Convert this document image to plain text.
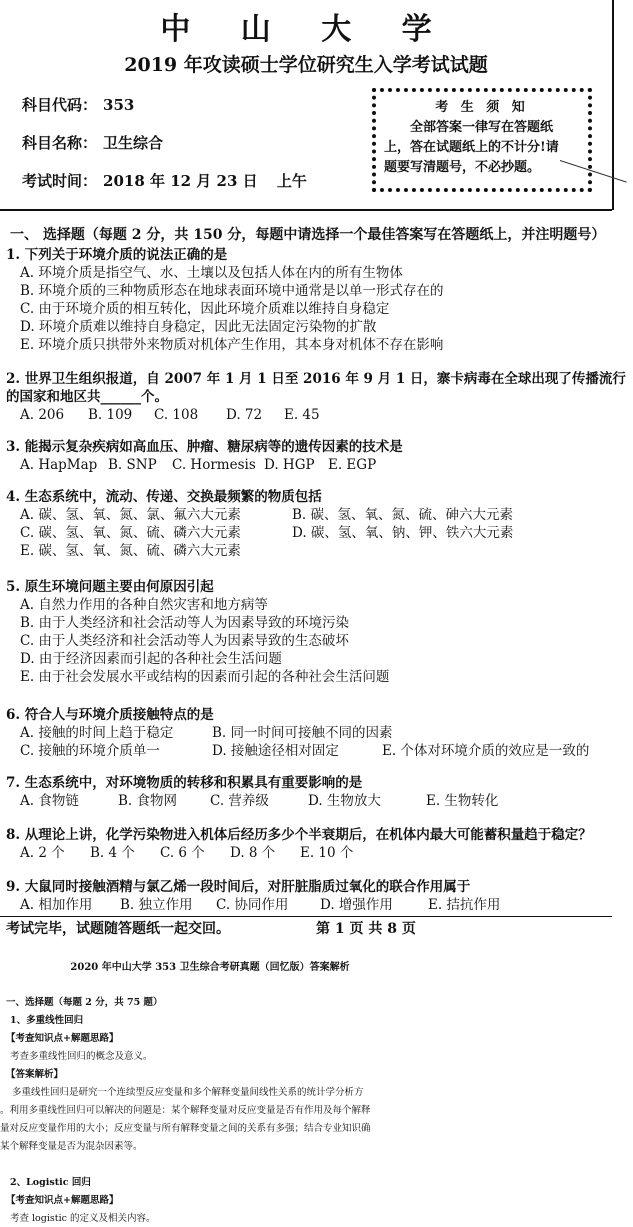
中 山 大 学
2019 年攻读硕士学位研究生入学考试试题
科目代码： 353
科目名称： 卫生综合
考试时间： 2018 年 12 月 23 日 上午
考 生 须 知
全部答案一律写在答题纸
上，答在试题纸上的不计分!请
题要写清题号，不必抄题。
一、 选择题（每题 2 分，共 150 分，每题中请选择一个最佳答案写在答题纸上，并注明题号）
1. 下列关于环境介质的说法正确的是
A. 环境介质是指空气、水、土壤以及包括人体在内的所有生物体
B. 环境介质的三种物质形态在地球表面环境中通常是以单一形式存在的
C. 由于环境介质的相互转化，因此环境介质难以维持自身稳定
D. 环境介质难以维持自身稳定，因此无法固定污染物的扩散
E. 环境介质只拱带外来物质对机体产生作用，其本身对机体不存在影响
2. 世界卫生组织报道，自 2007 年 1 月 1 日至 2016 年 9 月 1 日，寨卡病毒在全球出现了传播流行
的国家和地区共______个。
A. 206	B. 109	C. 108	D. 72	E. 45
3. 能揭示复杂疾病如高血压、肿瘤、糖尿病等的遗传因素的技术是
A. HapMap B. SNP	C. Hormesis D. HGP E. EGP
4. 生态系统中，流动、传递、交换最频繁的物质包括
A. 碳、氢、氧、氮、氯、氟六大元素	B. 碳、氢、氧、氮、硫、砷六大元素
C. 碳、氢、氧、氮、硫、磷六大元素	D. 碳、氢、氧、钠、钾、铁六大元素
E. 碳、氢、氧、氮、硫、磷六大元素
5. 原生环境问题主要由何原因引起
A. 自然力作用的各种自然灾害和地方病等
B. 由于人类经济和社会活动等人为因素导致的环境污染
C. 由于人类经济和社会活动等人为因素导致的生态破坏
D. 由于经济因素而引起的各种社会生活问题
E. 由于社会发展水平或结构的因素而引起的各种社会生活问题
6. 符合人与环境介质接触特点的是
A. 接触的时间上趋于稳定	B. 同一时间可接触不同的因素
C. 接触的环境介质单一	D. 接触途径相对固定	E. 个体对环境介质的效应是一致的
7. 生态系统中，对环境物质的转移和积累具有重要影响的是
A. 食物链	B. 食物网	C. 营养级	D. 生物放大	E. 生物转化
8. 从理论上讲，化学污染物进入机体后经历多少个半衰期后，在机体内最大可能蓄积量趋于稳定？
A. 2 个	B. 4 个	C. 6 个	D. 8 个	E. 10 个
9. 大鼠同时接触酒精与氯乙烯一段时间后，对肝脏脂质过氧化的联合作用属于
A. 相加作用	B. 独立作用	C. 协同作用	D. 增强作用	E. 拮抗作用
考试完毕，试题随答题纸一起交回。	第 1 页 共 8 页
2020 年中山大学 353 卫生综合考研真题（回忆版）答案解析
一、选择题（每题 2 分，共 75 题）
1、多重线性回归
【考查知识点+解题思路】
考查多重线性回归的概念及意义。
【答案解析】
多重线性回归是研究一个连续型反应变量和多个解释变量间线性关系的统计学分析方
。利用多重线性回归可以解决的问题是：某个解释变量对反应变量是否有作用及每个解释
量对反应变量作用的大小；反应变量与所有解释变量之间的关系有多强；结合专业知识确
某个解释变量是否为混杂因素等。
2、Logistic 回归
【考查知识点+解题思路】
考查 logistic 的定义及相关内容。
